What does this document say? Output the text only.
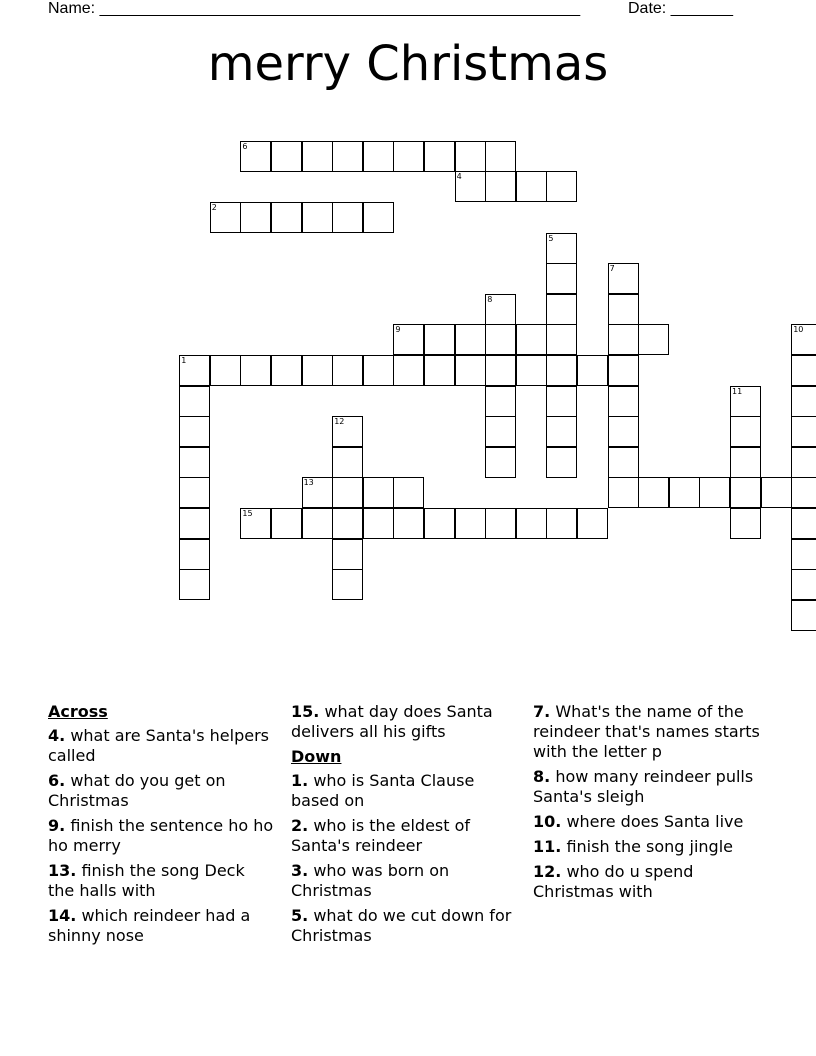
Name: ______________________________________________________	Date: _______
merry Christmas
1
2
6
4
5
7
8
9	10
11
12
13
15
Across
4. what are Santa's helpers called
6. what do you get on Christmas
9. finish the sentence ho ho ho merry
13. finish the song Deck the halls with
14. which reindeer had a shinny nose
15. what day does Santa delivers all his gifts
Down
1. who is Santa Clause based on
2. who is the eldest of Santa's reindeer
3. who was born on Christmas
5. what do we cut down for Christmas
7. What's the name of the reindeer that's names starts with the letter p
8. how many reindeer pulls Santa's sleigh
10. where does Santa live
11. finish the song jingle
12. who do u spend Christmas with
